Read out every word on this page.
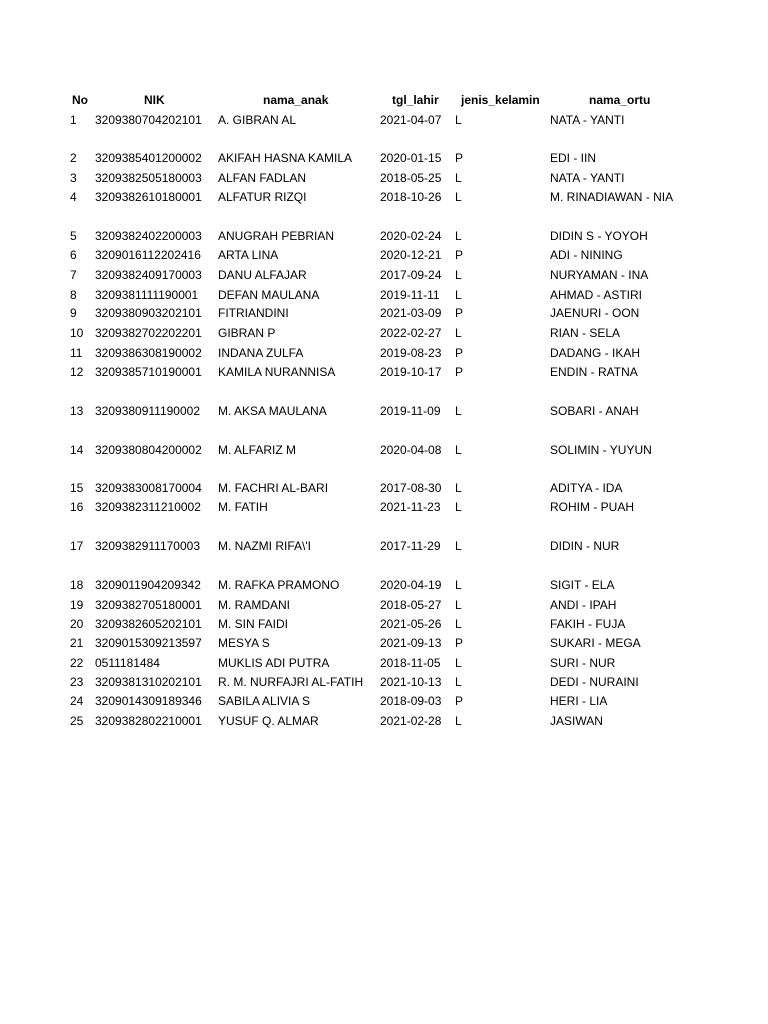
No	NIK	nama_anak	tgl_lahir jenis_kelamin	nama_ortu
1 3209380704202101 A. GIBRAN AL	2021-04-07 L	NATA - YANTI
2 3209385401200002 AKIFAH HASNA KAMILA 2020-01-15 P	EDI - IIN
3 3209382505180003 ALFAN FADLAN	2018-05-25 L	NATA - YANTI
4 3209382610180001 ALFATUR RIZQI	2018-10-26 L	M. RINADIAWAN - NIA
5 3209382402200003 ANUGRAH PEBRIAN	2020-02-24 L	DIDIN S - YOYOH
6 3209016112202416 ARTA LINA	2020-12-21 P	ADI - NINING
7 3209382409170003 DANU ALFAJAR	2017-09-24 L	NURYAMAN - INA
8 3209381111190001 DEFAN MAULANA	2019-11-11 L	AHMAD - ASTIRI
9 3209380903202101 FITRIANDINI	2021-03-09 P	JAENURI - OON
10 3209382702202201 GIBRAN P	2022-02-27 L	RIAN - SELA
11 3209386308190002 INDANA ZULFA	2019-08-23 P	DADANG - IKAH
12 3209385710190001 KAMILA NURANNISA	2019-10-17 P	ENDIN - RATNA
13 3209380911190002 M. AKSA MAULANA	2019-11-09 L	SOBARI - ANAH
14 3209380804200002 M. ALFARIZ M	2020-04-08 L	SOLIMIN - YUYUN
15 3209383008170004 M. FACHRI AL-BARI	2017-08-30 L	ADITYA - IDA
16 3209382311210002 M. FATIH	2021-11-23 L	ROHIM - PUAH
17 3209382911170003 M. NAZMI RIFA\'I	2017-11-29 L	DIDIN - NUR
18 3209011904209342 M. RAFKA PRAMONO	2020-04-19 L	SIGIT - ELA
19 3209382705180001 M. RAMDANI	2018-05-27 L	ANDI - IPAH
20 3209382605202101 M. SIN FAIDI	2021-05-26 L	FAKIH - FUJA
21 3209015309213597 MESYA S	2021-09-13 P	SUKARI - MEGA
22 0511181484	MUKLIS ADI PUTRA	2018-11-05 L	SURI - NUR
23 3209381310202101 R. M. NURFAJRI AL-FATIH 2021-10-13 L	DEDI - NURAINI
24 3209014309189346 SABILA ALIVIA S	2018-09-03 P	HERI - LIA
25 3209382802210001 YUSUF Q. ALMAR	2021-02-28 L	JASIWAN
